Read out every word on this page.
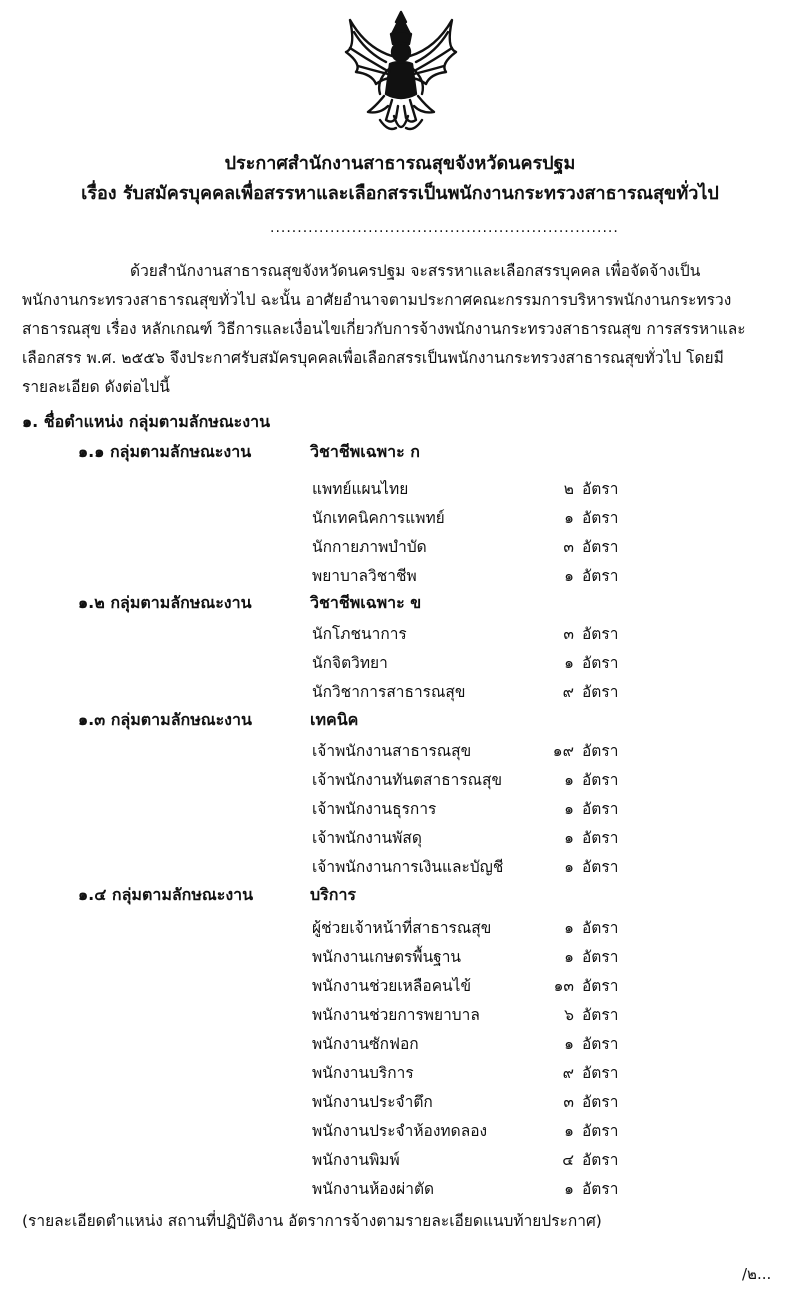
ประกาศสำนักงานสาธารณสุขจังหวัดนครปฐม
เรื่อง รับสมัครบุคคลเพื่อสรรหาและเลือกสรรเป็นพนักงานกระทรวงสาธารณสุขทั่วไป
................................................................
ด้วยสำนักงานสาธารณสุขจังหวัดนครปฐม จะสรรหาและเลือกสรรบุคคล เพื่อจัดจ้างเป็น
พนักงานกระทรวงสาธารณสุขทั่วไป ฉะนั้น อาศัยอำนาจตามประกาศคณะกรรมการบริหารพนักงานกระทรวง
สาธารณสุข เรื่อง หลักเกณฑ์ วิธีการและเงื่อนไขเกี่ยวกับการจ้างพนักงานกระทรวงสาธารณสุข การสรรหาและ
เลือกสรร พ.ศ. ๒๕๕๖ จึงประกาศรับสมัครบุคคลเพื่อเลือกสรรเป็นพนักงานกระทรวงสาธารณสุขทั่วไป โดยมี
รายละเอียด ดังต่อไปนี้
๑. ชื่อตำแหน่ง กลุ่มตามลักษณะงาน
๑.๑ กลุ่มตามลักษณะงาน	วิชาชีพเฉพาะ ก
แพทย์แผนไทย	๒ อัตรา
นักเทคนิคการแพทย์	๑ อัตรา
นักกายภาพบำบัด	๓ อัตรา
พยาบาลวิชาชีพ	๑ อัตรา
๑.๒ กลุ่มตามลักษณะงาน	วิชาชีพเฉพาะ ข
นักโภชนาการ	๓ อัตรา
นักจิตวิทยา	๑ อัตรา
นักวิชาการสาธารณสุข	๙ อัตรา
๑.๓ กลุ่มตามลักษณะงาน	เทคนิค
เจ้าพนักงานสาธารณสุข	๑๙ อัตรา
เจ้าพนักงานทันตสาธารณสุข	๑ อัตรา
เจ้าพนักงานธุรการ	๑ อัตรา
เจ้าพนักงานพัสดุ	๑ อัตรา
เจ้าพนักงานการเงินและบัญชี	๑ อัตรา
๑.๔ กลุ่มตามลักษณะงาน	บริการ
ผู้ช่วยเจ้าหน้าที่สาธารณสุข	๑ อัตรา
พนักงานเกษตรพื้นฐาน	๑ อัตรา
พนักงานช่วยเหลือคนไข้	๑๓ อัตรา
พนักงานช่วยการพยาบาล	๖ อัตรา
พนักงานซักฟอก	๑ อัตรา
พนักงานบริการ	๙ อัตรา
พนักงานประจำตึก	๓ อัตรา
พนักงานประจำห้องทดลอง	๑ อัตรา
พนักงานพิมพ์	๔ อัตรา
พนักงานห้องผ่าตัด	๑ อัตรา
(รายละเอียดตำแหน่ง สถานที่ปฏิบัติงาน อัตราการจ้างตามรายละเอียดแนบท้ายประกาศ)
/๒...
